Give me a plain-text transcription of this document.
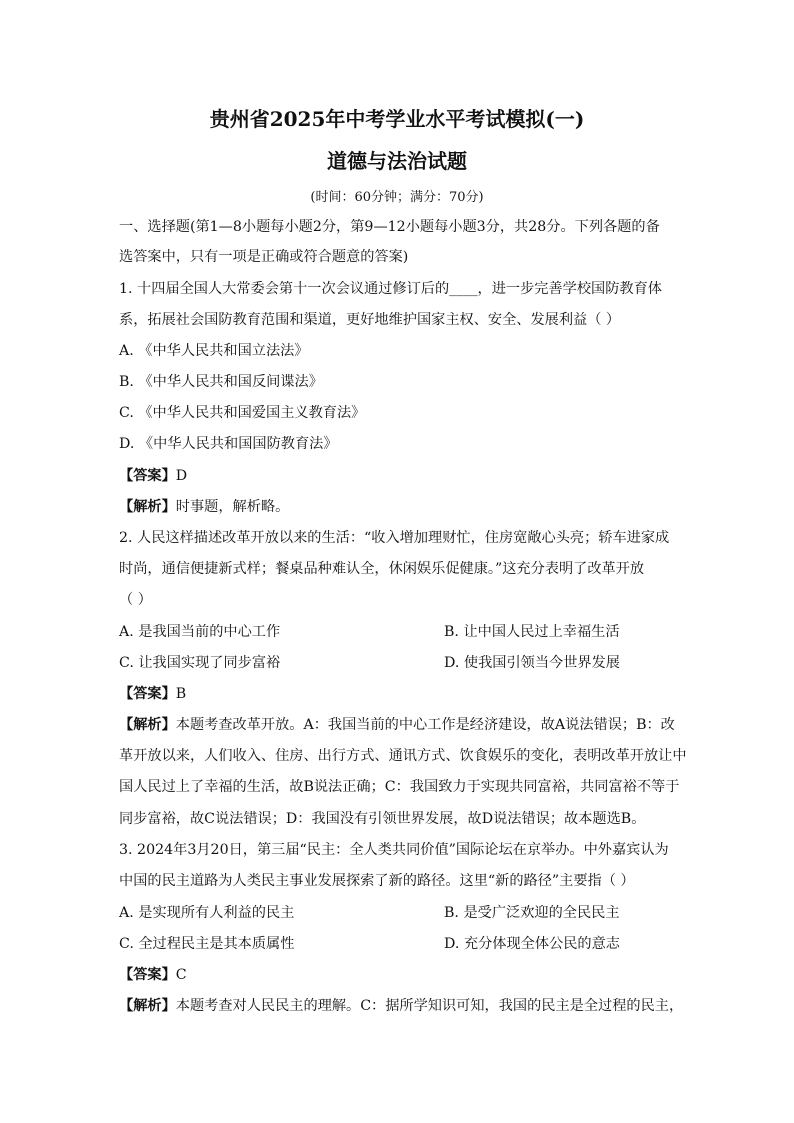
贵州省2025年中考学业水平考试模拟(一)
道德与法治试题
(时间：60分钟；满分：70分)
一、选择题(第1—8小题每小题2分，第9—12小题每小题3分，共28分。下列各题的备
选答案中，只有一项是正确或符合题意的答案)
1. 十四届全国人大常委会第十一次会议通过修订后的____，进一步完善学校国防教育体
系，拓展社会国防教育范围和渠道，更好地维护国家主权、安全、发展利益（ ）
A. 《中华人民共和国立法法》
B. 《中华人民共和国反间谍法》
C. 《中华人民共和国爱国主义教育法》
D. 《中华人民共和国国防教育法》
【答案】D
【解析】时事题，解析略。
2. 人民这样描述改革开放以来的生活：“收入增加理财忙，住房宽敞心头亮；轿车进家成
时尚，通信便捷新式样；餐桌品种难认全，休闲娱乐促健康。”这充分表明了改革开放
（ ）
A. 是我国当前的中心工作	B. 让中国人民过上幸福生活
C. 让我国实现了同步富裕	D. 使我国引领当今世界发展
【答案】B
【解析】本题考查改革开放。A：我国当前的中心工作是经济建设，故A说法错误；B：改
革开放以来，人们收入、住房、出行方式、通讯方式、饮食娱乐的变化，表明改革开放让中
国人民过上了幸福的生活，故B说法正确；C：我国致力于实现共同富裕，共同富裕不等于
同步富裕，故C说法错误；D：我国没有引领世界发展，故D说法错误；故本题选B。
3. 2024年3月20日，第三届“民主：全人类共同价值”国际论坛在京举办。中外嘉宾认为
中国的民主道路为人类民主事业发展探索了新的路径。这里“新的路径”主要指（ ）
A. 是实现所有人利益的民主	B. 是受广泛欢迎的全民民主
C. 全过程民主是其本质属性	D. 充分体现全体公民的意志
【答案】C
【解析】本题考查对人民民主的理解。C：据所学知识可知，我国的民主是全过程的民主，
